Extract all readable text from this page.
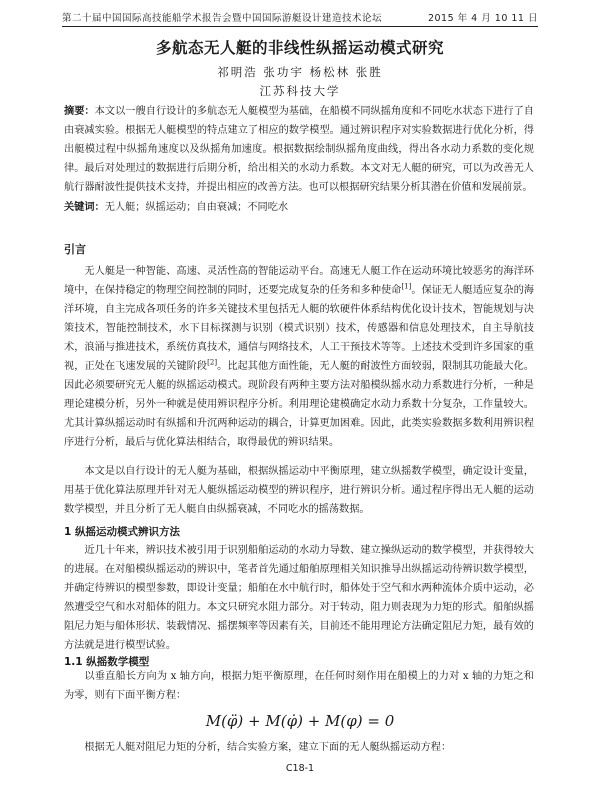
第二十届中国国际高技能船学术报告会暨中国国际游艇设计建造技术论坛	2015 年 4 月 10 11 日
多航态无人艇的非线性纵摇运动模式研究
祁明浩 张功宇 杨松林 张胜
江苏科技大学
摘要：本文以一艘自行设计的多航态无人艇模型为基础，在船模不同纵摇角度和不同吃水状态下进行了自由衰减实验。根据无人艇模型的特点建立了相应的数学模型。通过辨识程序对实验数据进行优化分析，得出艇模过程中纵摇角速度以及纵摇角加速度。根据数据绘制纵摇角度曲线，得出各水动力系数的变化规律。最后对处理过的数据进行后期分析，给出相关的水动力系数。本文对无人艇的研究，可以为改善无人航行器耐波性提供技术支持，并提出相应的改善方法。也可以根据研究结果分析其潜在价值和发展前景。
关键词：无人艇；纵摇运动；自由衰减；不同吃水
引言
无人艇是一种智能、高速、灵活性高的智能运动平台。高速无人艇工作在运动环境比较恶劣的海洋环境中，在保持稳定的物理空间控制的同时，还要完成复杂的任务和多种使命[1]。保证无人艇适应复杂的海洋环境，自主完成各项任务的许多关键技术里包括无人艇的软硬件体系结构优化设计技术，智能规划与决策技术，智能控制技术，水下目标探测与识别（模式识别）技术，传感器和信息处理技术，自主导航技术，浪涌与推进技术，系统仿真技术，通信与网络技术，人工干预技术等等。上述技术受到许多国家的重视，正处在飞速发展的关键阶段[2]。比起其他方面性能，无人艇的耐波性方面较弱，限制其功能最大化。因此必须要研究无人艇的纵摇运动模式。现阶段有两种主要方法对船模纵摇水动力系数进行分析，一种是理论建模分析，另外一种就是使用辨识程序分析。利用理论建模确定水动力系数十分复杂，工作量较大。尤其计算纵摇运动时有纵摇和升沉两种运动的耦合，计算更加困难。因此，此类实验数据多数利用辨识程序进行分析，最后与优化算法相结合，取得最优的辨识结果。
本文是以自行设计的无人艇为基础，根据纵摇运动中平衡原理，建立纵摇数学模型，确定设计变量，用基于优化算法原理并针对无人艇纵摇运动模型的辨识程序，进行辨识分析。通过程序得出无人艇的运动数学模型，并且分析了无人艇自由纵摇衰减，不同吃水的摇荡数据。
1 纵摇运动模式辨识方法
近几十年来，辨识技术被引用于识别船舶运动的水动力导数、建立操纵运动的数学模型，并获得较大的进展。在对船模纵摇运动的辨识中，笔者首先通过船舶原理相关知识推导出纵摇运动待辨识数学模型，并确定待辨识的模型参数，即设计变量；船舶在水中航行时，船体处于空气和水两种流体介质中运动，必然遭受空气和水对船体的阻力。本文只研究水阻力部分。对于转动，阻力则表现为力矩的形式。船舶纵摇阻尼力矩与船体形状、装载情况、摇摆频率等因素有关，目前还不能用理论方法确定阻尼力矩，最有效的方法就是进行模型试验。
1.1 纵摇数学模型
以垂直船长方向为 x 轴方向，根据力矩平衡原理，在任何时刻作用在船模上的力对 x 轴的力矩之和为零，则有下面平衡方程：
M(φ̈) + M(φ̇) + M(φ) = 0
根据无人艇对阻尼力矩的分析，结合实验方案，建立下面的无人艇纵摇运动方程：
C18-1
